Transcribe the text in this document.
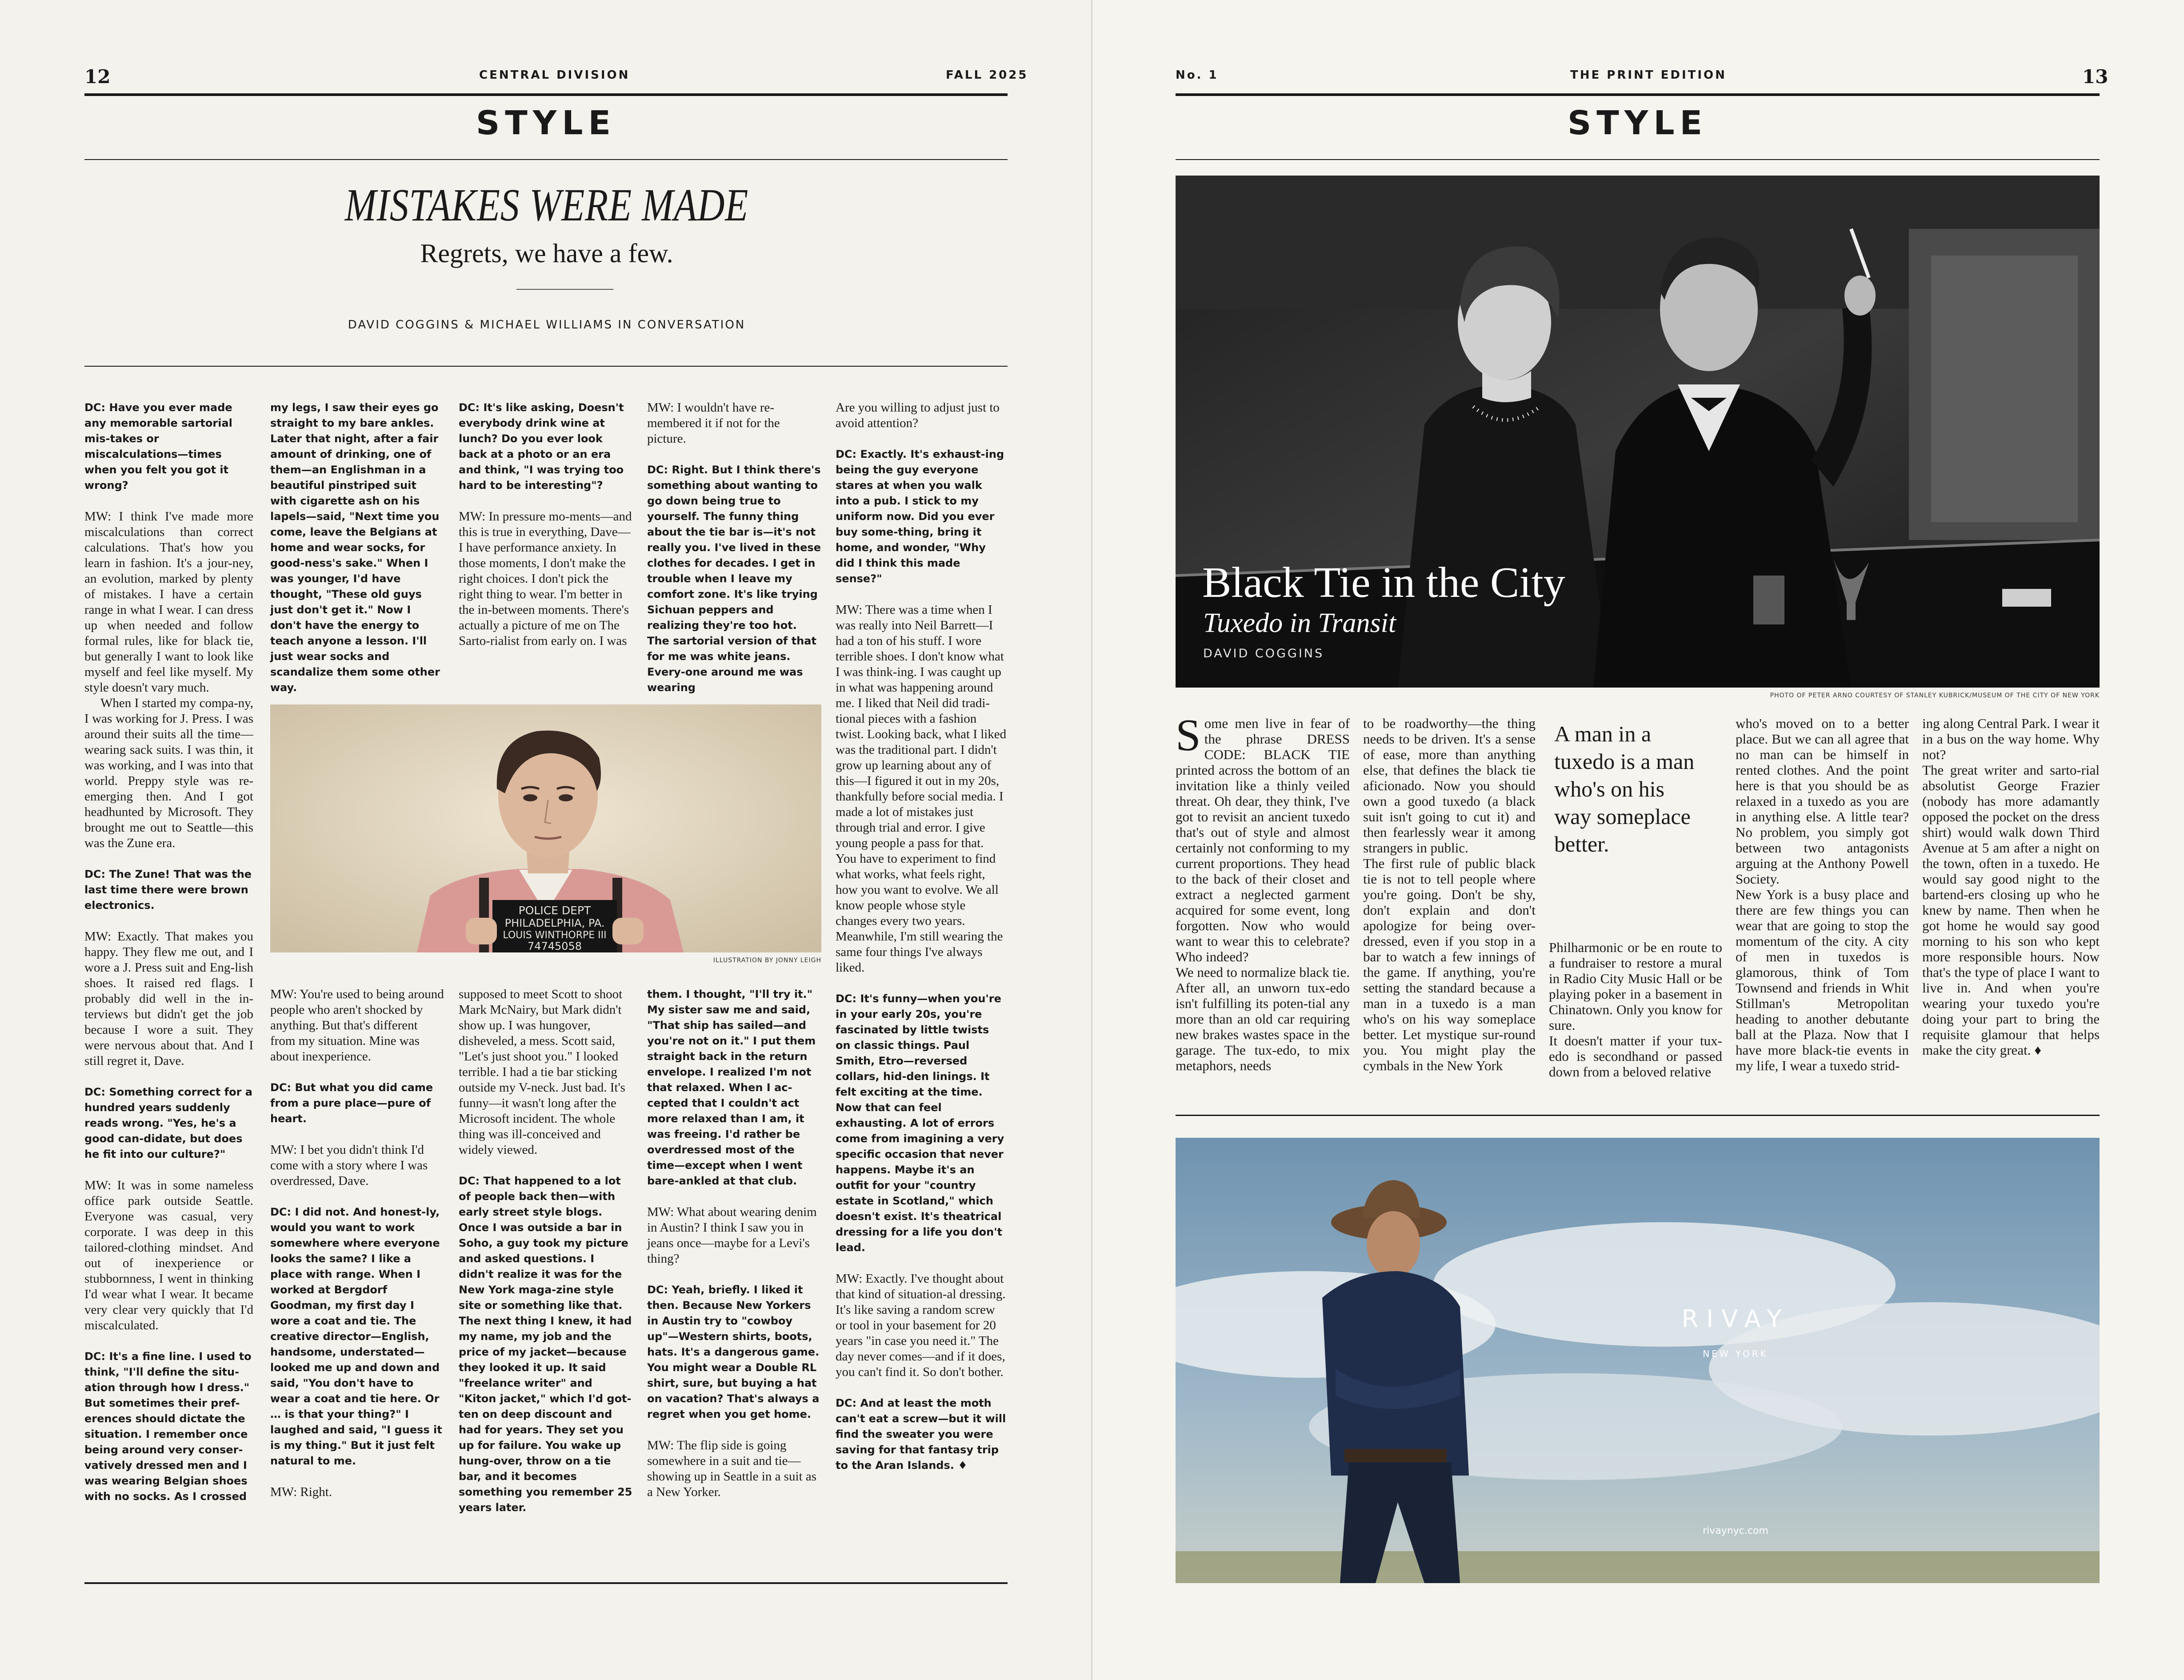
12	CENTRAL DIVISION	FALL 2025
STYLE
MISTAKES WERE MADE
Regrets, we have a few.
DAVID COGGINS & MICHAEL WILLIAMS IN CONVERSATION

DC: Have you ever made any memorable sartorial mis-takes or miscalculations—times when you felt you got it wrong?

MW: I think I've made more miscalculations than correct calculations. That's how you learn in fashion. It's a jour-ney, an evolution, marked by plenty of mistakes. I have a certain range in what I wear. I can dress up when needed and follow formal rules, like for black tie, but generally I want to look like myself and feel like myself. My style doesn't vary much.

When I started my compa-ny, I was working for J. Press. I was around their suits all the time—wearing sack suits. I was thin, it was working, and I was into that world. Preppy style was re-emerging then. And I got headhunted by Microsoft. They brought me out to Seattle—this was the Zune era.

DC: The Zune! That was the last time there were brown electronics.

MW: Exactly. That makes you happy. They flew me out, and I wore a J. Press suit and Eng-lish shoes. It raised red flags. I probably did well in the in-terviews but didn't get the job because I wore a suit. They were nervous about that. And I still regret it, Dave.

DC: Something correct for a hundred years suddenly reads wrong. "Yes, he's a good can-didate, but does he fit into our culture?"

MW: It was in some nameless office park outside Seattle. Everyone was casual, very corporate. I was deep in this tailored-clothing mindset. And out of inexperience or stubbornness, I went in thinking I'd wear what I wear. It became very clear very quickly that I'd miscalculated.

DC: It's a fine line. I used to think, "I'll define the situ-ation through how I dress." But sometimes their pref-erences should dictate the situation. I remember once being around very conser-vatively dressed men and I was wearing Belgian shoes with no socks. As I crossed

my legs, I saw their eyes go straight to my bare ankles. Later that night, after a fair amount of drinking, one of them—an Englishman in a beautiful pinstriped suit with cigarette ash on his lapels—said, "Next time you come, leave the Belgians at home and wear socks, for good-ness's sake." When I was younger, I'd have thought, "These old guys just don't get it." Now I don't have the energy to teach anyone a lesson. I'll just wear socks and scandalize them some other way.

DC: It's like asking, Doesn't everybody drink wine at lunch? Do you ever look back at a photo or an era and think, "I was trying too hard to be interesting"?

MW: In pressure mo-ments—and this is true in everything, Dave—I have performance anxiety. In those moments, I don't make the right choices. I don't pick the right thing to wear. I'm better in the in-between moments. There's actually a picture of me on The Sarto-rialist from early on. I was

MW: I wouldn't have re-membered it if not for the picture.

DC: Right. But I think there's something about wanting to go down being true to yourself. The funny thing about the tie bar is—it's not really you. I've lived in these clothes for decades. I get in trouble when I leave my comfort zone. It's like trying Sichuan peppers and realizing they're too hot. The sartorial version of that for me was white jeans. Every-one around me was wearing

Are you willing to adjust just to avoid attention?

DC: Exactly. It's exhaust-ing being the guy everyone stares at when you walk into a pub. I stick to my uniform now. Did you ever buy some-thing, bring it home, and wonder, "Why did I think this made sense?"

MW: There was a time when I was really into Neil Barrett—I had a ton of his stuff. I wore terrible shoes. I don't know what I was think-ing. I was caught up in what was happening around me. I liked that Neil did tradi-tional pieces with a fashion twist. Looking back, what I liked was the traditional part. I didn't grow up learning about any of this—I figured it out in my 20s, thankfully before social media. I made a lot of mistakes just through trial and error. I give young people a pass for that. You have to experiment to find what works, what feels right, how you want to evolve. We all know people whose style changes every two years. Meanwhile, I'm still wearing the same four things I've always liked.

DC: It's funny—when you're in your early 20s, you're fascinated by little twists on classic things. Paul Smith, Etro—reversed collars, hid-den linings. It felt exciting at the time. Now that can feel exhausting. A lot of errors come from imagining a very specific occasion that never happens. Maybe it's an outfit for your "country estate in Scotland," which doesn't exist. It's theatrical dressing for a life you don't lead.

MW: Exactly. I've thought about that kind of situation-al dressing. It's like saving a random screw or tool in your basement for 20 years "in case you need it." The day never comes—and if it does, you can't find it. So don't bother.

DC: And at least the moth can't eat a screw—but it will find the sweater you were saving for that fantasy trip to the Aran Islands. ♦

POLICE DEPT
PHILADELPHIA, PA.
LOUIS WINTHORPE III
74745058
ILLUSTRATION BY JONNY LEIGH

MW: You're used to being around people who aren't shocked by anything. But that's different from my situation. Mine was about inexperience.

DC: But what you did came from a pure place—pure of heart.

MW: I bet you didn't think I'd come with a story where I was overdressed, Dave.

DC: I did not. And honest-ly, would you want to work somewhere where everyone looks the same? I like a place with range. When I worked at Bergdorf Goodman, my first day I wore a coat and tie. The creative director—English, handsome, understated—looked me up and down and said, "You don't have to wear a coat and tie here. Or … is that your thing?" I laughed and said, "I guess it is my thing." But it just felt natural to me.

MW: Right.

supposed to meet Scott to shoot Mark McNairy, but Mark didn't show up. I was hungover, disheveled, a mess. Scott said, "Let's just shoot you." I looked terrible. I had a tie bar sticking outside my V-neck. Just bad. It's funny—it wasn't long after the Microsoft incident. The whole thing was ill-conceived and widely viewed.

DC: That happened to a lot of people back then—with early street style blogs. Once I was outside a bar in Soho, a guy took my picture and asked questions. I didn't realize it was for the New York maga-zine style site or something like that. The next thing I knew, it had my name, my job and the price of my jacket—because they looked it up. It said "freelance writer" and "Kiton jacket," which I'd got-ten on deep discount and had for years. They set you up for failure. You wake up hung-over, throw on a tie bar, and it becomes something you remember 25 years later.

them. I thought, "I'll try it." My sister saw me and said, "That ship has sailed—and you're not on it." I put them straight back in the return envelope. I realized I'm not that relaxed. When I ac-cepted that I couldn't act more relaxed than I am, it was freeing. I'd rather be overdressed most of the time—except when I went bare-ankled at that club.

MW: What about wearing denim in Austin? I think I saw you in jeans once—maybe for a Levi's thing?

DC: Yeah, briefly. I liked it then. Because New Yorkers in Austin try to "cowboy up"—Western shirts, boots, hats. It's a dangerous game. You might wear a Double RL shirt, sure, but buying a hat on vacation? That's always a regret when you get home.

MW: The flip side is going somewhere in a suit and tie—showing up in Seattle in a suit as a New Yorker.

No. 1	THE PRINT EDITION	13
STYLE
Black Tie in the City
Tuxedo in Transit
DAVID COGGINS
PHOTO OF PETER ARNO COURTESY OF STANLEY KUBRICK/MUSEUM OF THE CITY OF NEW YORK

Some men live in fear of the phrase DRESS CODE: BLACK TIE printed across the bottom of an invitation like a thinly veiled threat. Oh dear, they think, I've got to revisit an ancient tuxedo that's out of style and almost certainly not conforming to my current proportions. They head to the back of their closet and extract a neglected garment acquired for some event, long forgotten. Now who would want to wear this to celebrate? Who indeed?
We need to normalize black tie. After all, an unworn tux-edo isn't fulfilling its poten-tial any more than an old car requiring new brakes wastes space in the garage. The tux-edo, to mix metaphors, needs

to be roadworthy—the thing needs to be driven. It's a sense of ease, more than anything else, that defines the black tie aficionado. Now you should own a good tuxedo (a black suit isn't going to cut it) and then fearlessly wear it among strangers in public.
The first rule of public black tie is not to tell people where you're going. Don't be shy, don't explain and don't apologize for being over-dressed, even if you stop in a bar to watch a few innings of the game. If anything, you're setting the standard because a man in a tuxedo is a man who's on his way someplace better. Let mystique sur-round you. You might play the cymbals in the New York

A man in a tuxedo is a man who's on his way someplace better.

Philharmonic or be en route to a fundraiser to restore a mural in Radio City Music Hall or be playing poker in a basement in Chinatown. Only you know for sure.
It doesn't matter if your tux-edo is secondhand or passed down from a beloved relative

who's moved on to a better place. But we can all agree that no man can be himself in rented clothes. And the point here is that you should be as relaxed in a tuxedo as you are in anything else. A little tear? No problem, you simply got between two antagonists arguing at the Anthony Powell Society.
New York is a busy place and there are few things you can wear that are going to stop the momentum of the city. A city of men in tuxedos is glamorous, think of Tom Townsend and friends in Whit Stillman's Metropolitan heading to another debutante ball at the Plaza. Now that I have more black-tie events in my life, I wear a tuxedo strid-

ing along Central Park. I wear it in a bus on the way home. Why not?
The great writer and sarto-rial absolutist George Frazier (nobody has more adamantly opposed the pocket on the dress shirt) would walk down Third Avenue at 5 am after a night on the town, often in a tuxedo. He would say good night to the bartend-ers closing up who he knew by name. Then when he got home he would say good morning to his son who kept more responsible hours. Now that's the type of place I want to live in. And when you're wearing your tuxedo you're doing your part to bring the requisite glamour that helps make the city great. ♦

RIVAY
NEW YORK
rivaynyc.com
